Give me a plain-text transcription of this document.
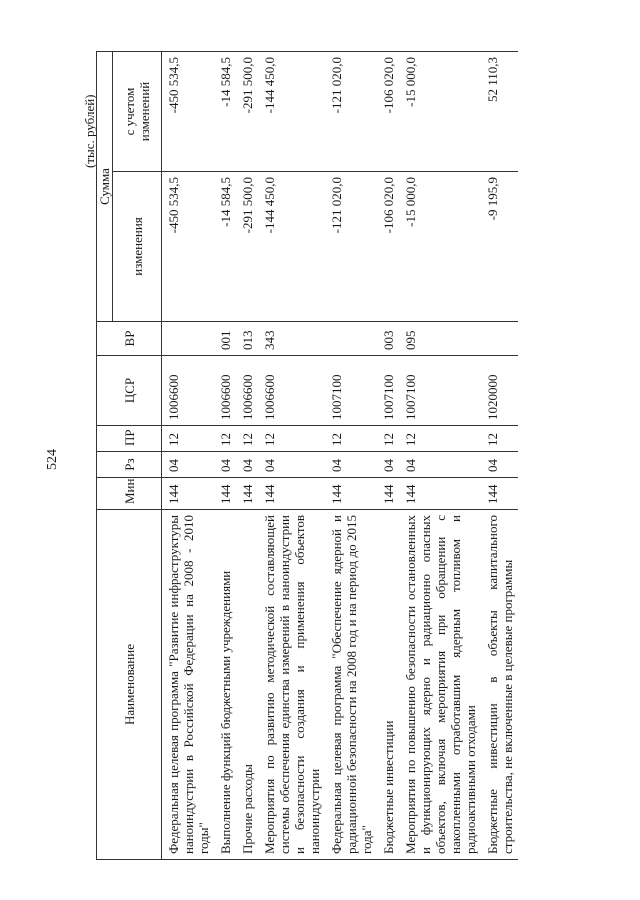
524
(тыс. рублей)
Наименование	Мин	Рз	ПР	ЦСР	ВР	Сумма	
						изменения	с учетом изменений
Федеральная целевая программа "Развитие инфраструктуры наноиндустрии в Российской Федерации на 2008 - 2010 годы"	144	04	12	1006600		-450 534,5	-450 534,5
Выполнение функций бюджетными учреждениями	144	04	12	1006600	001	-14 584,5	-14 584,5
Прочие расходы	144	04	12	1006600	013	-291 500,0	-291 500,0
Мероприятия по развитию методической составляющей системы обеспечения единства измерений в наноиндустрии и безопасности создания и применения объектов наноиндустрии	144	04	12	1006600	343	-144 450,0	-144 450,0
Федеральная целевая программа "Обеспечение ядерной и радиационной безопасности на 2008 год и на период до 2015 года"	144	04	12	1007100		-121 020,0	-121 020,0
Бюджетные инвестиции	144	04	12	1007100	003	-106 020,0	-106 020,0
Мероприятия по повышению безопасности остановленных и функционирующих ядерно и радиационно опасных объектов, включая мероприятия при обращении с накопленными отработавшим ядерным топливом и радиоактивными отходами	144	04	12	1007100	095	-15 000,0	-15 000,0
Бюджетные инвестиции в объекты капитального строительства, не включенные в целевые программы	144	04	12	1020000		-9 195,9	52 110,3
